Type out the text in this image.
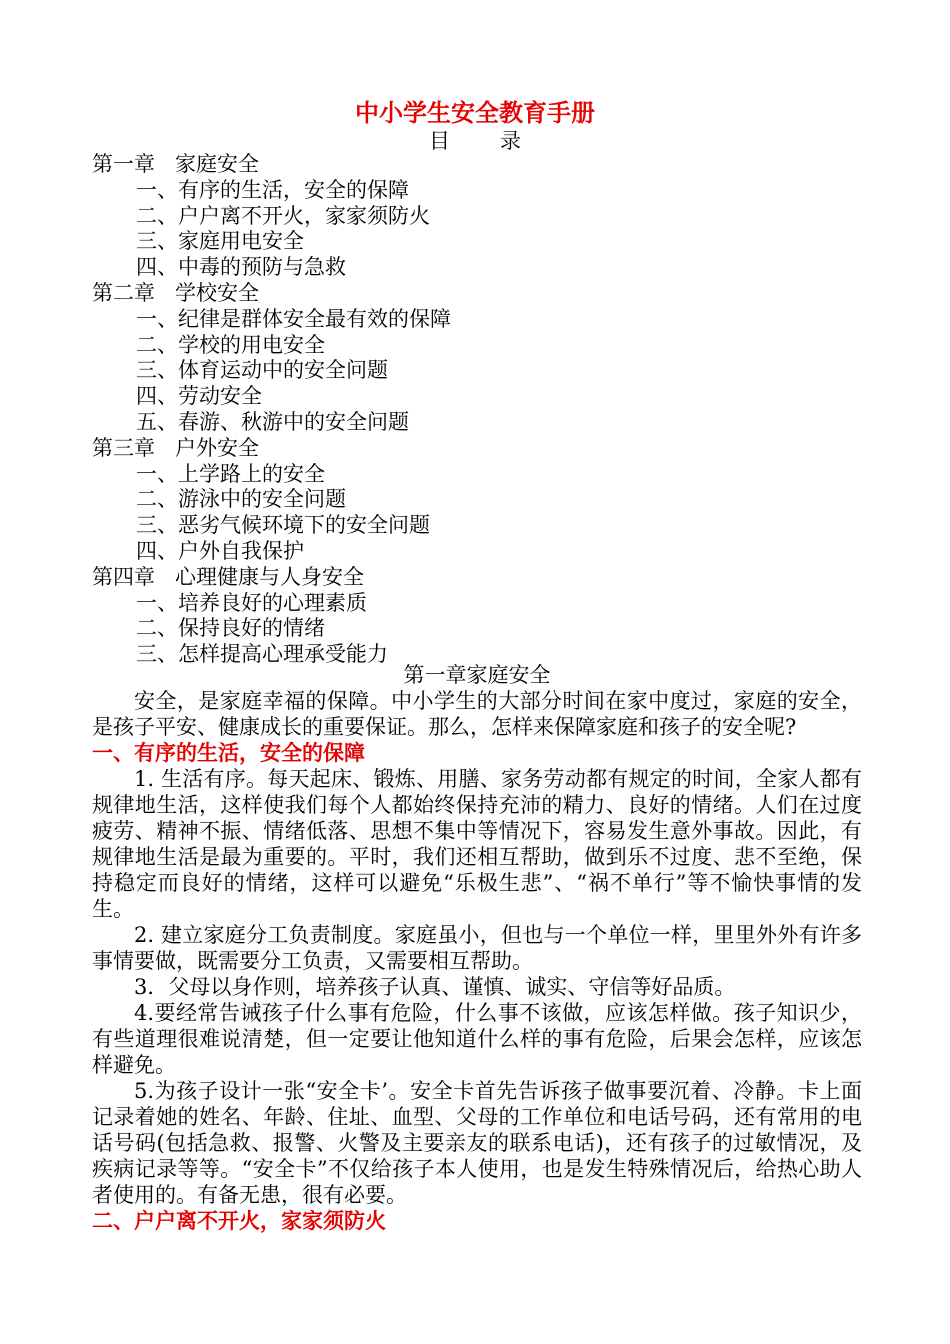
中小学生安全教育手册
目录
第一章 家庭安全
一、有序的生活，安全的保障
二、户户离不开火，家家须防火
三、家庭用电安全
四、中毒的预防与急救
第二章 学校安全
一、纪律是群体安全最有效的保障
二、学校的用电安全
三、体育运动中的安全问题
四、劳动安全
五、春游、秋游中的安全问题
第三章 户外安全
一、上学路上的安全
二、游泳中的安全问题
三、恶劣气候环境下的安全问题
四、户外自我保护
第四章 心理健康与人身安全
一、培养良好的心理素质
二、保持良好的情绪
三、怎样提高心理承受能力
第一章家庭安全

安全，是家庭幸福的保障。中小学生的大部分时间在家中度过，家庭的安全，是孩子平安、健康成长的重要保证。那么，怎样来保障家庭和孩子的安全呢?

一、有序的生活，安全的保障

1. 生活有序。每天起床、锻炼、用膳、家务劳动都有规定的时间，全家人都有规律地生活，这样使我们每个人都始终保持充沛的精力、良好的情绪。人们在过度疲劳、精神不振、情绪低落、思想不集中等情况下，容易发生意外事故。因此，有规律地生活是最为重要的。平时，我们还相互帮助，做到乐不过度、悲不至绝，保持稳定而良好的情绪，这样可以避免“乐极生悲”、“祸不单行”等不愉快事情的发生。

2. 建立家庭分工负责制度。家庭虽小，但也与一个单位一样，里里外外有许多事情要做，既需要分工负责，又需要相互帮助。

3．父母以身作则，培养孩子认真、谨慎、诚实、守信等好品质。

4.要经常告诫孩子什么事有危险，什么事不该做，应该怎样做。孩子知识少，有些道理很难说清楚，但一定要让他知道什么样的事有危险，后果会怎样，应该怎样避免。

5.为孩子设计一张“安全卡’。安全卡首先告诉孩子做事要沉着、冷静。卡上面记录着她的姓名、年龄、住址、血型、父母的工作单位和电话号码，还有常用的电话号码(包括急救、报警、火警及主要亲友的联系电话)，还有孩子的过敏情况，及疾病记录等等。“安全卡”不仅给孩子本人使用，也是发生特殊情况后，给热心助人者使用的。有备无患，很有必要。

二、户户离不开火，家家须防火
